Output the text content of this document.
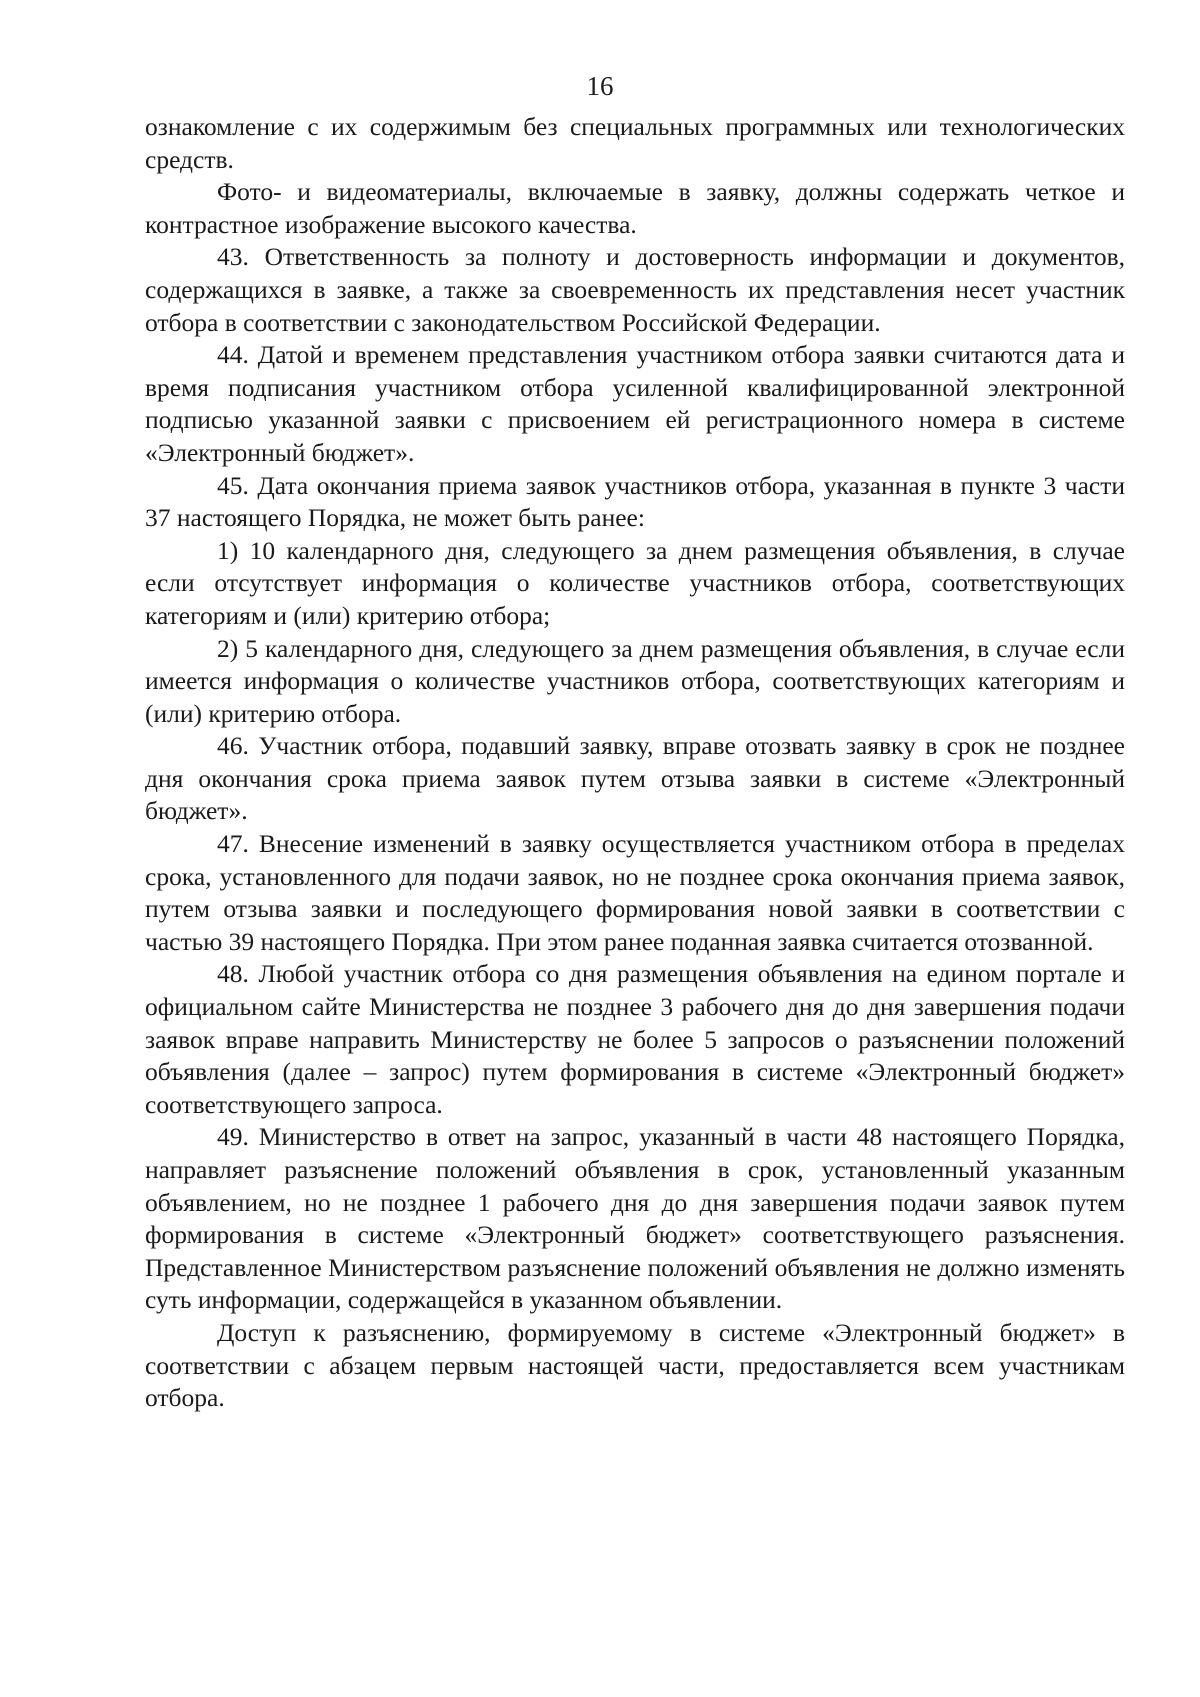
16

ознакомление с их содержимым без специальных программных или технологических средств.

Фото- и видеоматериалы, включаемые в заявку, должны содержать четкое и контрастное изображение высокого качества.

43. Ответственность за полноту и достоверность информации и документов, содержащихся в заявке, а также за своевременность их представления несет участник отбора в соответствии с законодательством Российской Федерации.

44. Датой и временем представления участником отбора заявки считаются дата и время подписания участником отбора усиленной квалифицированной электронной подписью указанной заявки с присвоением ей регистрационного номера в системе «Электронный бюджет».

45. Дата окончания приема заявок участников отбора, указанная в пункте 3 части 37 настоящего Порядка, не может быть ранее:

1) 10 календарного дня, следующего за днем размещения объявления, в случае если отсутствует информация о количестве участников отбора, соответствующих категориям и (или) критерию отбора;

2) 5 календарного дня, следующего за днем размещения объявления, в случае если имеется информация о количестве участников отбора, соответствующих категориям и (или) критерию отбора.

46. Участник отбора, подавший заявку, вправе отозвать заявку в срок не позднее дня окончания срока приема заявок путем отзыва заявки в системе «Электронный бюджет».

47. Внесение изменений в заявку осуществляется участником отбора в пределах срока, установленного для подачи заявок, но не позднее срока окончания приема заявок, путем отзыва заявки и последующего формирования новой заявки в соответствии с частью 39 настоящего Порядка. При этом ранее поданная заявка считается отозванной.

48. Любой участник отбора со дня размещения объявления на едином портале и официальном сайте Министерства не позднее 3 рабочего дня до дня завершения подачи заявок вправе направить Министерству не более 5 запросов о разъяснении положений объявления (далее – запрос) путем формирования в системе «Электронный бюджет» соответствующего запроса.

49. Министерство в ответ на запрос, указанный в части 48 настоящего Порядка, направляет разъяснение положений объявления в срок, установленный указанным объявлением, но не позднее 1 рабочего дня до дня завершения подачи заявок путем формирования в системе «Электронный бюджет» соответствующего разъяснения. Представленное Министерством разъяснение положений объявления не должно изменять суть информации, содержащейся в указанном объявлении.

Доступ к разъяснению, формируемому в системе «Электронный бюджет» в соответствии с абзацем первым настоящей части, предоставляется всем участникам отбора.
